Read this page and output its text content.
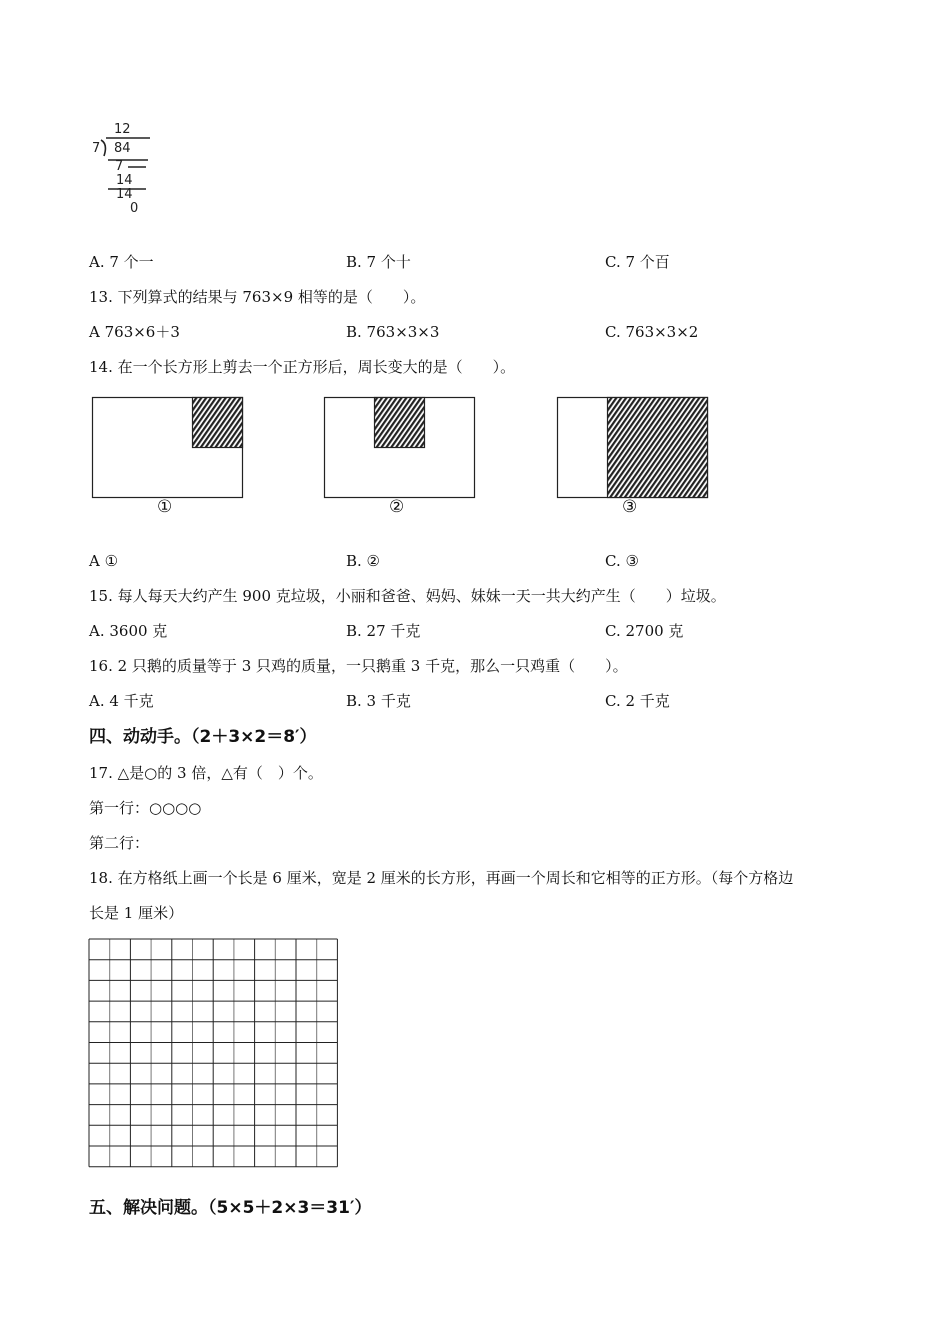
12
7 84
7
14
14
0
A. 7 个一	B. 7 个十	C. 7 个百
13. 下列算式的结果与 763×9 相等的是（　　）。
A 763×6＋3	B. 763×3×3	C. 763×3×2
14. 在一个长方形上剪去一个正方形后，周长变大的是（　　）。
①	②	③
A ①	B. ②	C. ③
15. 每人每天大约产生 900 克垃圾，小丽和爸爸、妈妈、妹妹一天一共大约产生（　　）垃圾。
A. 3600 克	B. 27 千克	C. 2700 克
16. 2 只鹅的质量等于 3 只鸡的质量，一只鹅重 3 千克，那么一只鸡重（　　）。
A. 4 千克	B. 3 千克	C. 2 千克
四、动动手。（2＋3×2＝8′）
17. △是○的 3 倍，△有（　）个。
第一行：○○○○
第二行：
18. 在方格纸上画一个长是 6 厘米，宽是 2 厘米的长方形，再画一个周长和它相等的正方形。（每个方格边
长是 1 厘米）
五、解决问题。（5×5＋2×3＝31′）
